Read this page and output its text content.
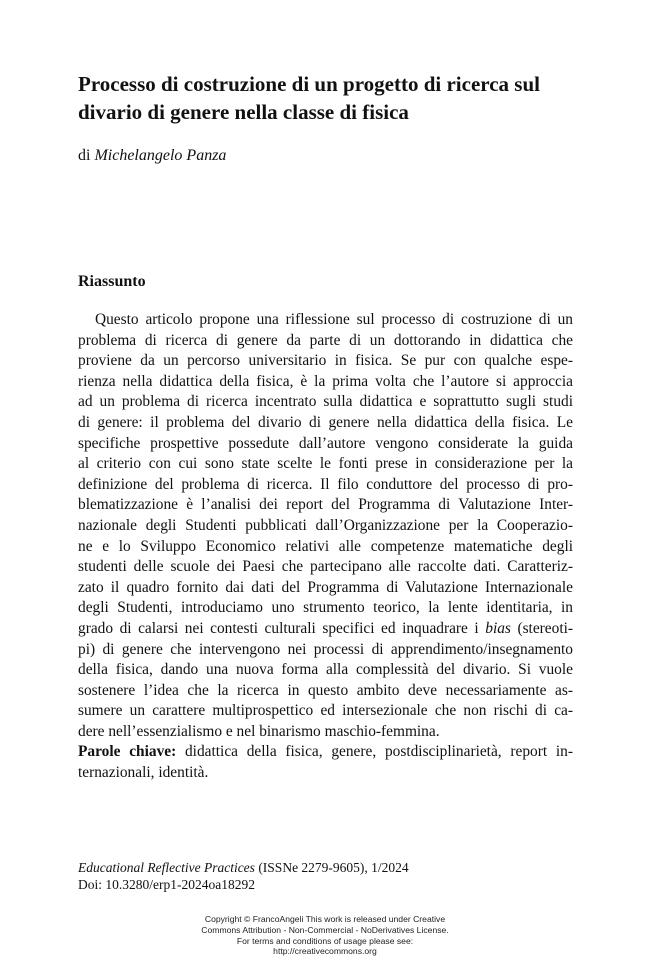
Processo di costruzione di un progetto di ricerca sul divario di genere nella classe di fisica
di Michelangelo Panza
Riassunto
Questo articolo propone una riflessione sul processo di costruzione di un
problema di ricerca di genere da parte di un dottorando in didattica che
proviene da un percorso universitario in fisica. Se pur con qualche espe-
rienza nella didattica della fisica, è la prima volta che l’autore si approccia
ad un problema di ricerca incentrato sulla didattica e soprattutto sugli studi
di genere: il problema del divario di genere nella didattica della fisica. Le
specifiche prospettive possedute dall’autore vengono considerate la guida
al criterio con cui sono state scelte le fonti prese in considerazione per la
definizione del problema di ricerca. Il filo conduttore del processo di pro-
blematizzazione è l’analisi dei report del Programma di Valutazione Inter-
nazionale degli Studenti pubblicati dall’Organizzazione per la Cooperazio-
ne e lo Sviluppo Economico relativi alle competenze matematiche degli
studenti delle scuole dei Paesi che partecipano alle raccolte dati. Caratteriz-
zato il quadro fornito dai dati del Programma di Valutazione Internazionale
degli Studenti, introduciamo uno strumento teorico, la lente identitaria, in
grado di calarsi nei contesti culturali specifici ed inquadrare i bias (stereoti-
pi) di genere che intervengono nei processi di apprendimento/insegnamento
della fisica, dando una nuova forma alla complessità del divario. Si vuole
sostenere l’idea che la ricerca in questo ambito deve necessariamente as-
sumere un carattere multiprospettico ed intersezionale che non rischi di ca-
dere nell’essenzialismo e nel binarismo maschio-femmina.
Parole chiave: didattica della fisica, genere, postdisciplinarietà, report in-
ternazionali, identità.
Educational Reflective Practices (ISSNe 2279-9605), 1/2024
Doi: 10.3280/erp1-2024oa18292
Copyright © FrancoAngeli This work is released under Creative
Commons Attribution - Non-Commercial - NoDerivatives License.
For terms and conditions of usage please see:
http://creativecommons.org
